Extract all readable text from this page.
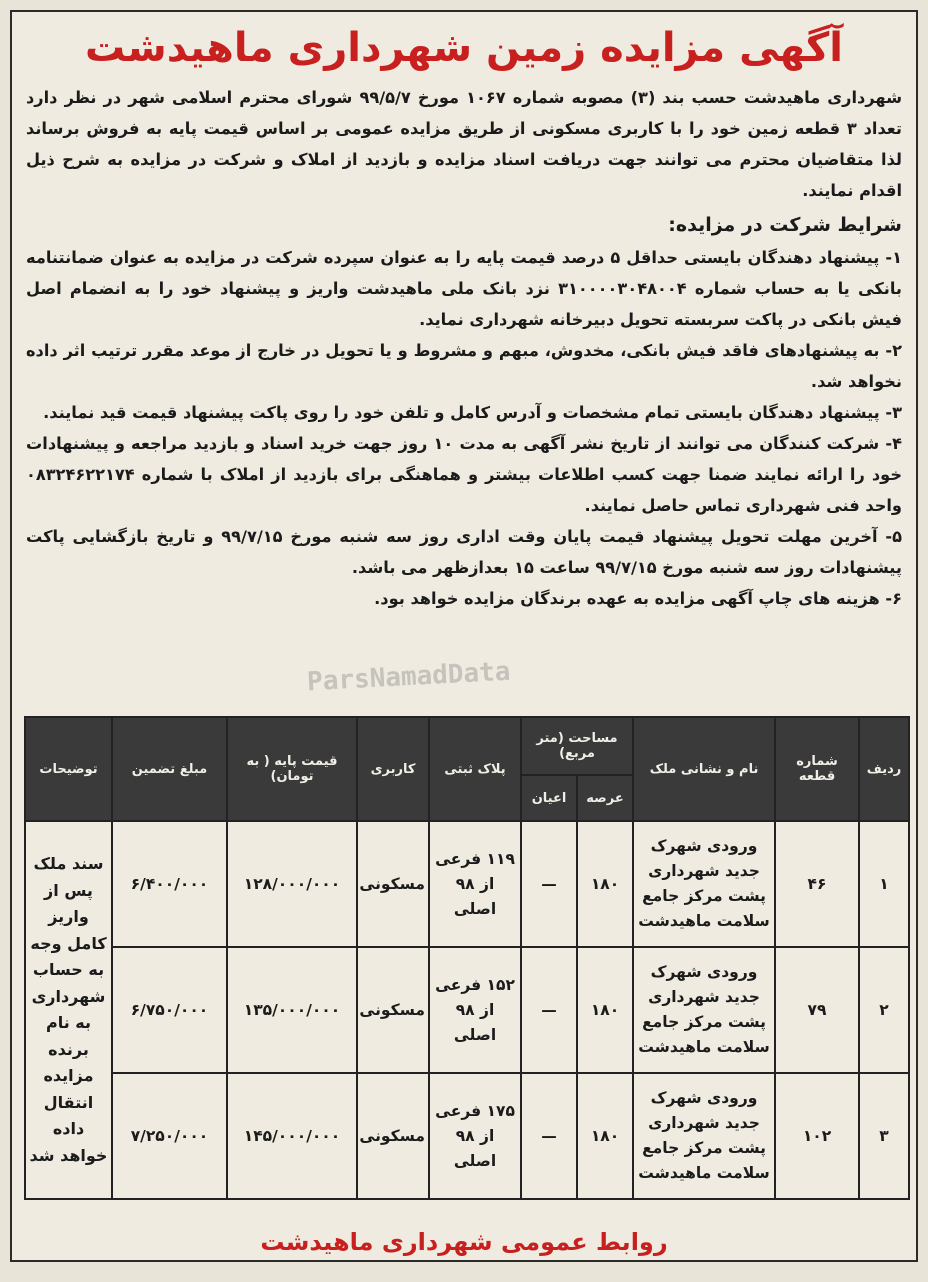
آگهی مزایده زمین شهرداری ماهیدشت

شهرداری ماهیدشت حسب بند (۳) مصوبه شماره ۱۰۶۷ مورخ ۹۹/۵/۷ شورای محترم اسلامی شهر در نظر دارد تعداد ۳ قطعه زمین خود را با کاربری مسکونی از طریق مزایده عمومی بر اساس قیمت پایه به فروش برساند لذا متقاضیان محترم می توانند جهت دریافت اسناد مزایده و بازدید از املاک و شرکت در مزایده به شرح ذیل اقدام نمایند.

شرایط شرکت در مزایده:
۱- پیشنهاد دهندگان بایستی حداقل ۵ درصد قیمت پایه را به عنوان سپرده شرکت در مزایده به عنوان ضمانتنامه بانکی یا به حساب شماره ۳۱۰۰۰۰۳۰۴۸۰۰۴ نزد بانک ملی ماهیدشت واریز و پیشنهاد خود را به انضمام اصل فیش بانکی در پاکت سربسته تحویل دبیرخانه شهرداری نماید.
۲- به پیشنهادهای فاقد فیش بانکی، مخدوش، مبهم و مشروط و یا تحویل در خارج از موعد مقرر ترتیب اثر داده نخواهد شد.
۳- پیشنهاد دهندگان بایستی تمام مشخصات و آدرس کامل و تلفن خود را روی پاکت پیشنهاد قیمت قید نمایند.
۴- شرکت کنندگان می توانند از تاریخ نشر آگهی به مدت ۱۰ روز جهت خرید اسناد و بازدید مراجعه و پیشنهادات خود را ارائه نمایند ضمنا جهت کسب اطلاعات بیشتر و هماهنگی برای بازدید از املاک با شماره ۰۸۳۲۴۶۲۲۱۷۴ واحد فنی شهرداری تماس حاصل نمایند.
۵- آخرین مهلت تحویل پیشنهاد قیمت پایان وقت اداری روز سه شنبه مورخ ۹۹/۷/۱۵ و تاریخ بازگشایی پاکت پیشنهادات روز سه شنبه مورخ ۹۹/۷/۱۵ ساعت ۱۵ بعدازظهر می باشد.
۶- هزینه های چاپ آگهی مزایده به عهده برندگان مزایده خواهد بود.
ParsNamadData
ردیف	شماره قطعه	نام و نشانی ملک	مساحت (متر مربع)		پلاک ثبتی	کاربری	قیمت پایه ( به تومان)	مبلغ تضمین	توضیحات
			عرصه	اعیان					
۱	۴۶	ورودی شهرک جدید شهرداری پشت مرکز جامع سلامت ماهیدشت	۱۸۰	—	۱۱۹ فرعی از ۹۸ اصلی	مسکونی	۱۲۸/۰۰۰/۰۰۰	۶/۴۰۰/۰۰۰	سند ملک پس از واریز کامل وجه به حساب شهرداری به نام برنده مزایده انتقال داده خواهد شد
۲	۷۹	ورودی شهرک جدید شهرداری پشت مرکز جامع سلامت ماهیدشت	۱۸۰	—	۱۵۲ فرعی از ۹۸ اصلی	مسکونی	۱۳۵/۰۰۰/۰۰۰	۶/۷۵۰/۰۰۰	
۳	۱۰۲	ورودی شهرک جدید شهرداری پشت مرکز جامع سلامت ماهیدشت	۱۸۰	—	۱۷۵ فرعی از ۹۸ اصلی	مسکونی	۱۴۵/۰۰۰/۰۰۰	۷/۲۵۰/۰۰۰	
روابط عمومی شهرداری ماهیدشت
